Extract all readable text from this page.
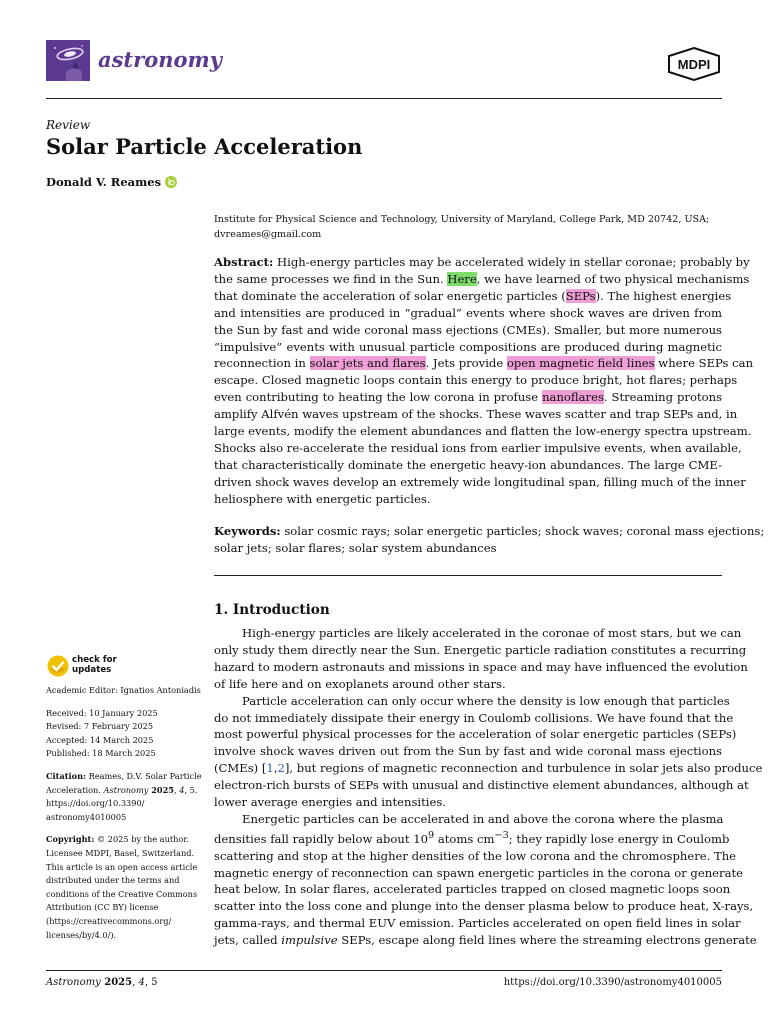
astronomy	MDPI
Review
Solar Particle Acceleration
Donald V. Reames
Institute for Physical Science and Technology, University of Maryland, College Park, MD 20742, USA;
dvreames@gmail.com
Abstract: High-energy particles may be accelerated widely in stellar coronae; probably by
the same processes we find in the Sun. Here, we have learned of two physical mechanisms
that dominate the acceleration of solar energetic particles (SEPs). The highest energies
and intensities are produced in “gradual” events where shock waves are driven from
the Sun by fast and wide coronal mass ejections (CMEs). Smaller, but more numerous
“impulsive” events with unusual particle compositions are produced during magnetic
reconnection in solar jets and flares. Jets provide open magnetic field lines where SEPs can
escape. Closed magnetic loops contain this energy to produce bright, hot flares; perhaps
even contributing to heating the low corona in profuse nanoflares. Streaming protons
amplify Alfvén waves upstream of the shocks. These waves scatter and trap SEPs and, in
large events, modify the element abundances and flatten the low-energy spectra upstream.
Shocks also re-accelerate the residual ions from earlier impulsive events, when available,
that characteristically dominate the energetic heavy-ion abundances. The large CME-
driven shock waves develop an extremely wide longitudinal span, filling much of the inner
heliosphere with energetic particles.
Keywords: solar cosmic rays; solar energetic particles; shock waves; coronal mass ejections;
solar jets; solar flares; solar system abundances
1. Introduction
High-energy particles are likely accelerated in the coronae of most stars, but we can
only study them directly near the Sun. Energetic particle radiation constitutes a recurring
hazard to modern astronauts and missions in space and may have influenced the evolution
of life here and on exoplanets around other stars.
Particle acceleration can only occur where the density is low enough that particles
do not immediately dissipate their energy in Coulomb collisions. We have found that the
most powerful physical processes for the acceleration of solar energetic particles (SEPs)
involve shock waves driven out from the Sun by fast and wide coronal mass ejections
(CMEs) [1,2], but regions of magnetic reconnection and turbulence in solar jets also produce
electron-rich bursts of SEPs with unusual and distinctive element abundances, although at
lower average energies and intensities.
Energetic particles can be accelerated in and above the corona where the plasma
densities fall rapidly below about $10^9$ atoms $cm^{-3}$; they rapidly lose energy in Coulomb
scattering and stop at the higher densities of the low corona and the chromosphere. The
magnetic energy of reconnection can spawn energetic particles in the corona or generate
heat below. In solar flares, accelerated particles trapped on closed magnetic loops soon
scatter into the loss cone and plunge into the denser plasma below to produce heat, X-rays,
gamma-rays, and thermal EUV emission. Particles accelerated on open field lines in solar
jets, called impulsive SEPs, escape along field lines where the streaming electrons generate
check for
updates
Academic Editor: Ignatios Antoniadis
Received: 10 January 2025
Revised: 7 February 2025
Accepted: 14 March 2025
Published: 18 March 2025
Citation: Reames, D.V. Solar Particle
Acceleration. Astronomy 2025, 4, 5.
https://doi.org/10.3390/
astronomy4010005
Copyright: © 2025 by the author.
Licensee MDPI, Basel, Switzerland.
This article is an open access article
distributed under the terms and
conditions of the Creative Commons
Attribution (CC BY) license
(https://creativecommons.org/
licenses/by/4.0/).
Astronomy 2025, 4, 5	https://doi.org/10.3390/astronomy4010005
